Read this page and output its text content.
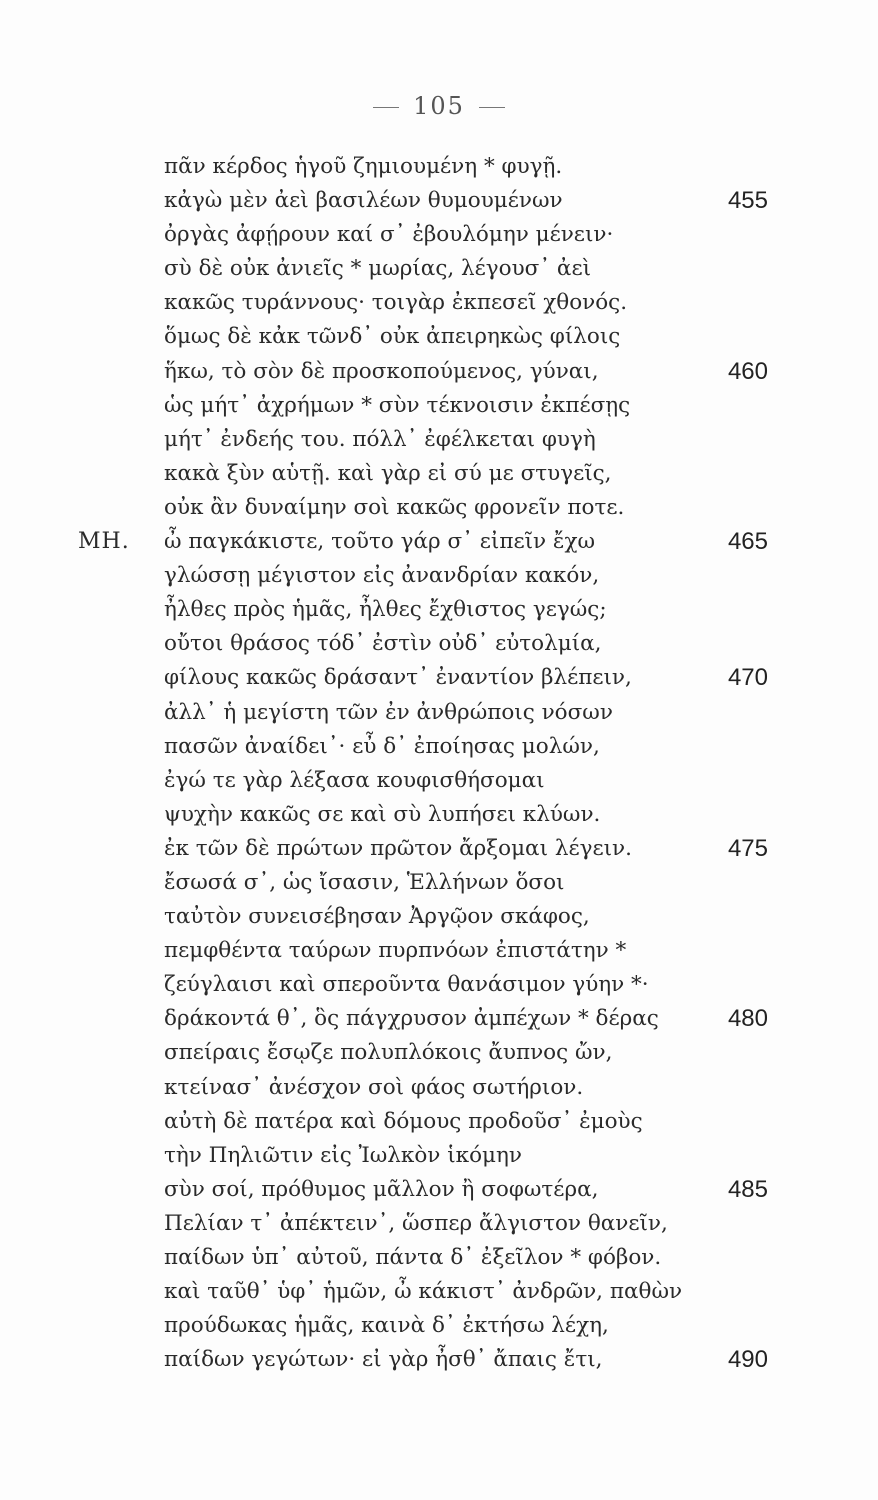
105
πᾶν κέρδος ἡγοῦ ζημιουμένη * φυγῇ.
κἀγὼ μὲν ἀεὶ βασιλέων θυμουμένων	455
ὀργὰς ἀφῄρουν καί σ᾽ ἐβουλόμην μένειν·
σὺ δὲ οὐκ ἀνιεῖς * μωρίας, λέγουσ᾽ ἀεὶ
κακῶς τυράννους· τοιγὰρ ἐκπεσεῖ χθονός.
ὅμως δὲ κἀκ τῶνδ᾽ οὐκ ἀπειρηκὼς φίλοις
ἥκω, τὸ σὸν δὲ προσκοπούμενος, γύναι,	460
ὡς μήτ᾽ ἀχρήμων * σὺν τέκνοισιν ἐκπέσῃς
μήτ᾽ ἐνδεής του. πόλλ᾽ ἐφέλκεται φυγὴ
κακὰ ξὺν αὑτῇ. καὶ γὰρ εἰ σύ με στυγεῖς,
οὐκ ἂν δυναίμην σοὶ κακῶς φρονεῖν ποτε.
ΜΗ. ὦ παγκάκιστε, τοῦτο γάρ σ᾽ εἰπεῖν ἔχω	465
γλώσσῃ μέγιστον εἰς ἀνανδρίαν κακόν,
ἦλθες πρὸς ἡμᾶς, ἦλθες ἔχθιστος γεγώς;
οὔτοι θράσος τόδ᾽ ἐστὶν οὐδ᾽ εὐτολμία,
φίλους κακῶς δράσαντ᾽ ἐναντίον βλέπειν,	470
ἀλλ᾽ ἡ μεγίστη τῶν ἐν ἀνθρώποις νόσων
πασῶν ἀναίδει᾽· εὖ δ᾽ ἐποίησας μολών,
ἐγώ τε γὰρ λέξασα κουφισθήσομαι
ψυχὴν κακῶς σε καὶ σὺ λυπήσει κλύων.
ἐκ τῶν δὲ πρώτων πρῶτον ἄρξομαι λέγειν.	475
ἔσωσά σ᾽, ὡς ἴσασιν, Ἑλλήνων ὅσοι
ταὐτὸν συνεισέβησαν Ἀργῷον σκάφος,
πεμφθέντα ταύρων πυρπνόων ἐπιστάτην *
ζεύγλαισι καὶ σπεροῦντα θανάσιμον γύην *·
δράκοντά θ᾽, ὃς πάγχρυσον ἀμπέχων * δέρας	480
σπείραις ἔσῳζε πολυπλόκοις ἄυπνος ὤν,
κτείνασ᾽ ἀνέσχον σοὶ φάος σωτήριον.
αὐτὴ δὲ πατέρα καὶ δόμους προδοῦσ᾽ ἐμοὺς
τὴν Πηλιῶτιν εἰς Ἰωλκὸν ἱκόμην
σὺν σοί, πρόθυμος μᾶλλον ἢ σοφωτέρα,	485
Πελίαν τ᾽ ἀπέκτειν᾽, ὥσπερ ἄλγιστον θανεῖν,
παίδων ὑπ᾽ αὐτοῦ, πάντα δ᾽ ἐξεῖλον * φόβον.
καὶ ταῦθ᾽ ὑφ᾽ ἡμῶν, ὦ κάκιστ᾽ ἀνδρῶν, παθὼν
προύδωκας ἡμᾶς, καινὰ δ᾽ ἐκτήσω λέχη,
παίδων γεγώτων· εἰ γὰρ ἦσθ᾽ ἄπαις ἔτι,	490
